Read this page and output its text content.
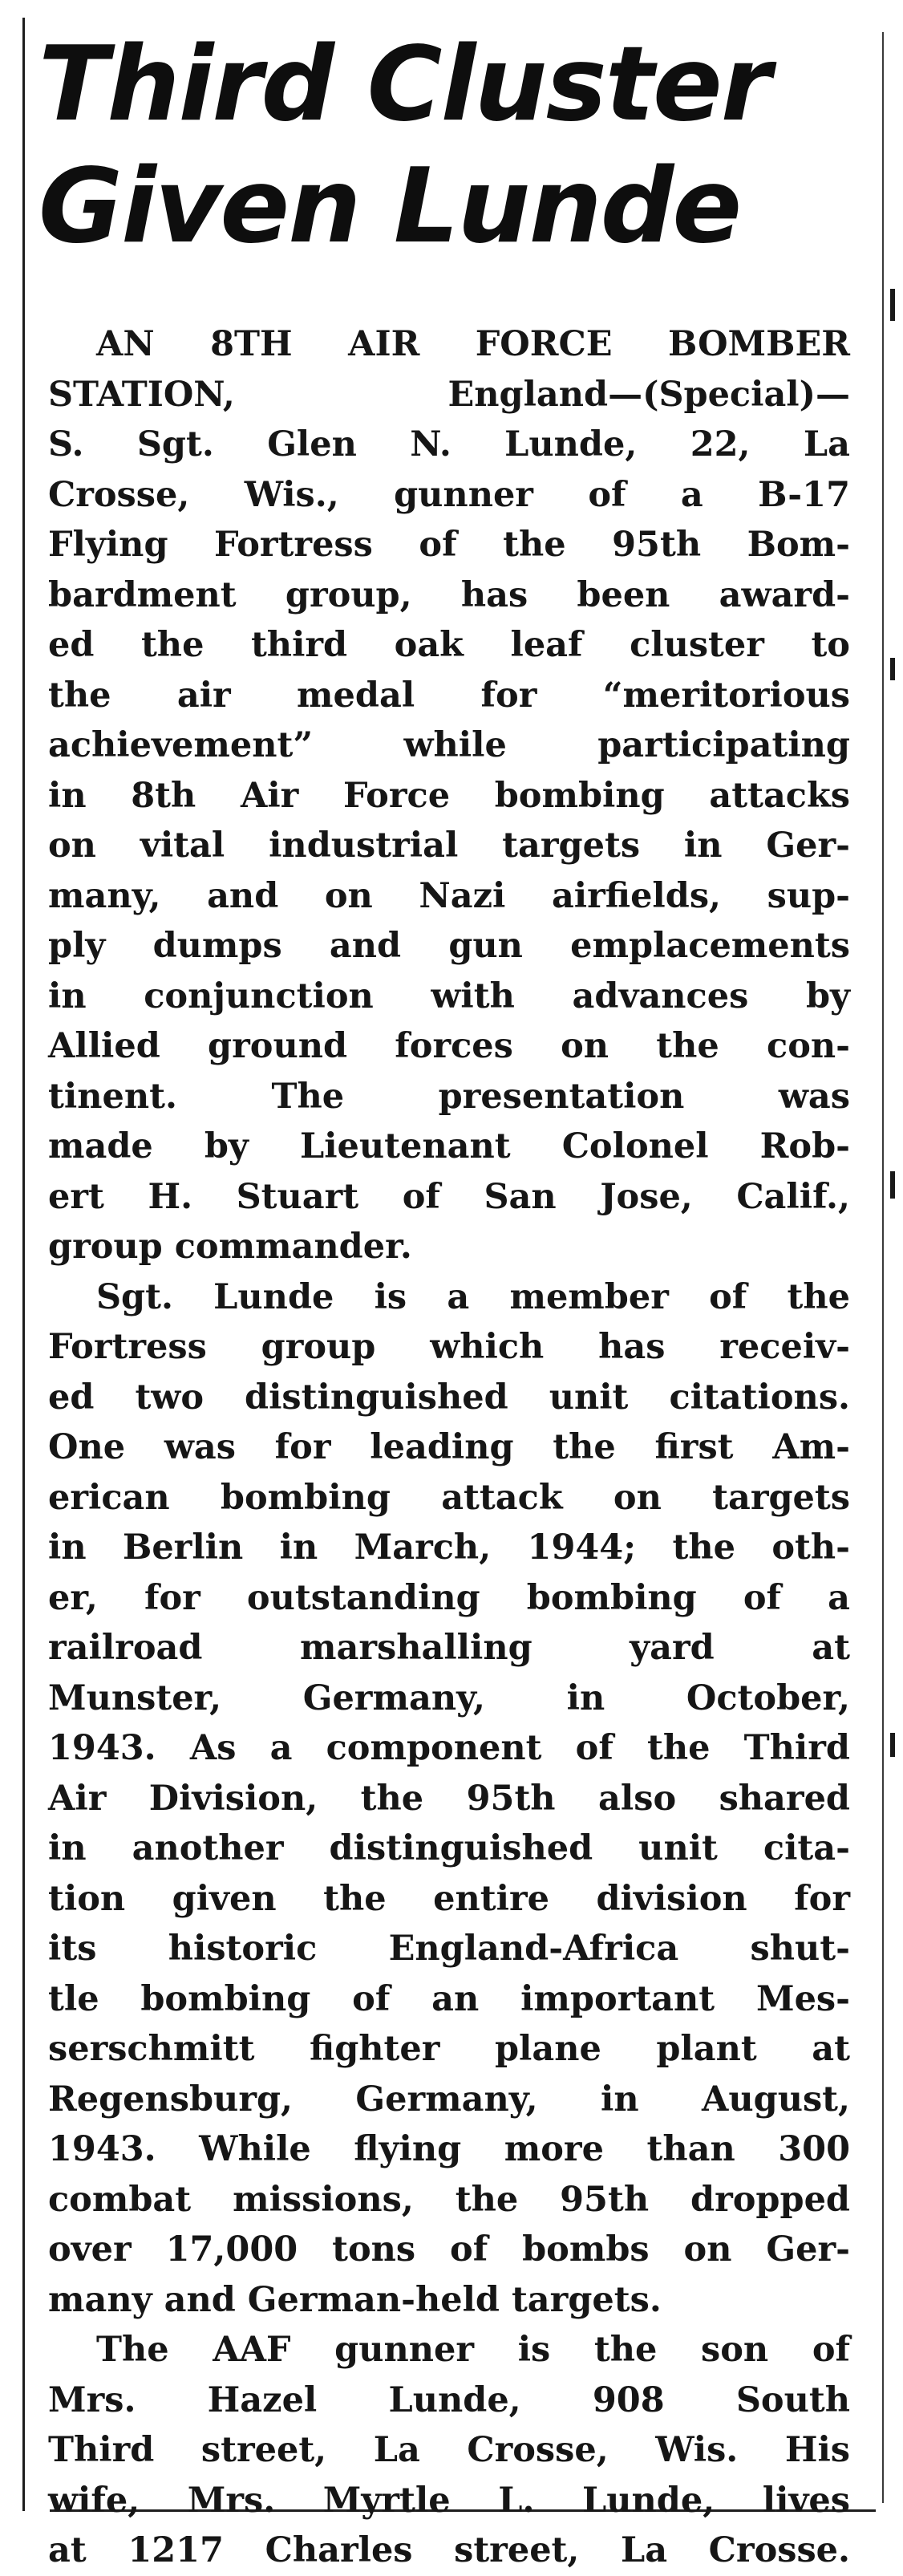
Third Cluster
Given Lunde
AN 8TH AIR FORCE BOMBER
STATION, England—(Special)—
S. Sgt. Glen N. Lunde, 22, La
Crosse, Wis., gunner of a B-17
Flying Fortress of the 95th Bom-
bardment group, has been award-
ed the third oak leaf cluster to
the air medal for “meritorious
achievement” while participating
in 8th Air Force bombing attacks
on vital industrial targets in Ger-
many, and on Nazi airfields, sup-
ply dumps and gun emplacements
in conjunction with advances by
Allied ground forces on the con-
tinent. The presentation was
made by Lieutenant Colonel Rob-
ert H. Stuart of San Jose, Calif.,
group commander.
Sgt. Lunde is a member of the
Fortress group which has receiv-
ed two distinguished unit citations.
One was for leading the first Am-
erican bombing attack on targets
in Berlin in March, 1944; the oth-
er, for outstanding bombing of a
railroad marshalling yard at
Munster, Germany, in October,
1943. As a component of the Third
Air Division, the 95th also shared
in another distinguished unit cita-
tion given the entire division for
its historic England-Africa shut-
tle bombing of an important Mes-
serschmitt fighter plane plant at
Regensburg, Germany, in August,
1943. While flying more than 300
combat missions, the 95th dropped
over 17,000 tons of bombs on Ger-
many and German-held targets.
The AAF gunner is the son of
Mrs. Hazel Lunde, 908 South
Third street, La Crosse, Wis. His
wife, Mrs. Myrtle L. Lunde, lives
at 1217 Charles street, La Crosse.
